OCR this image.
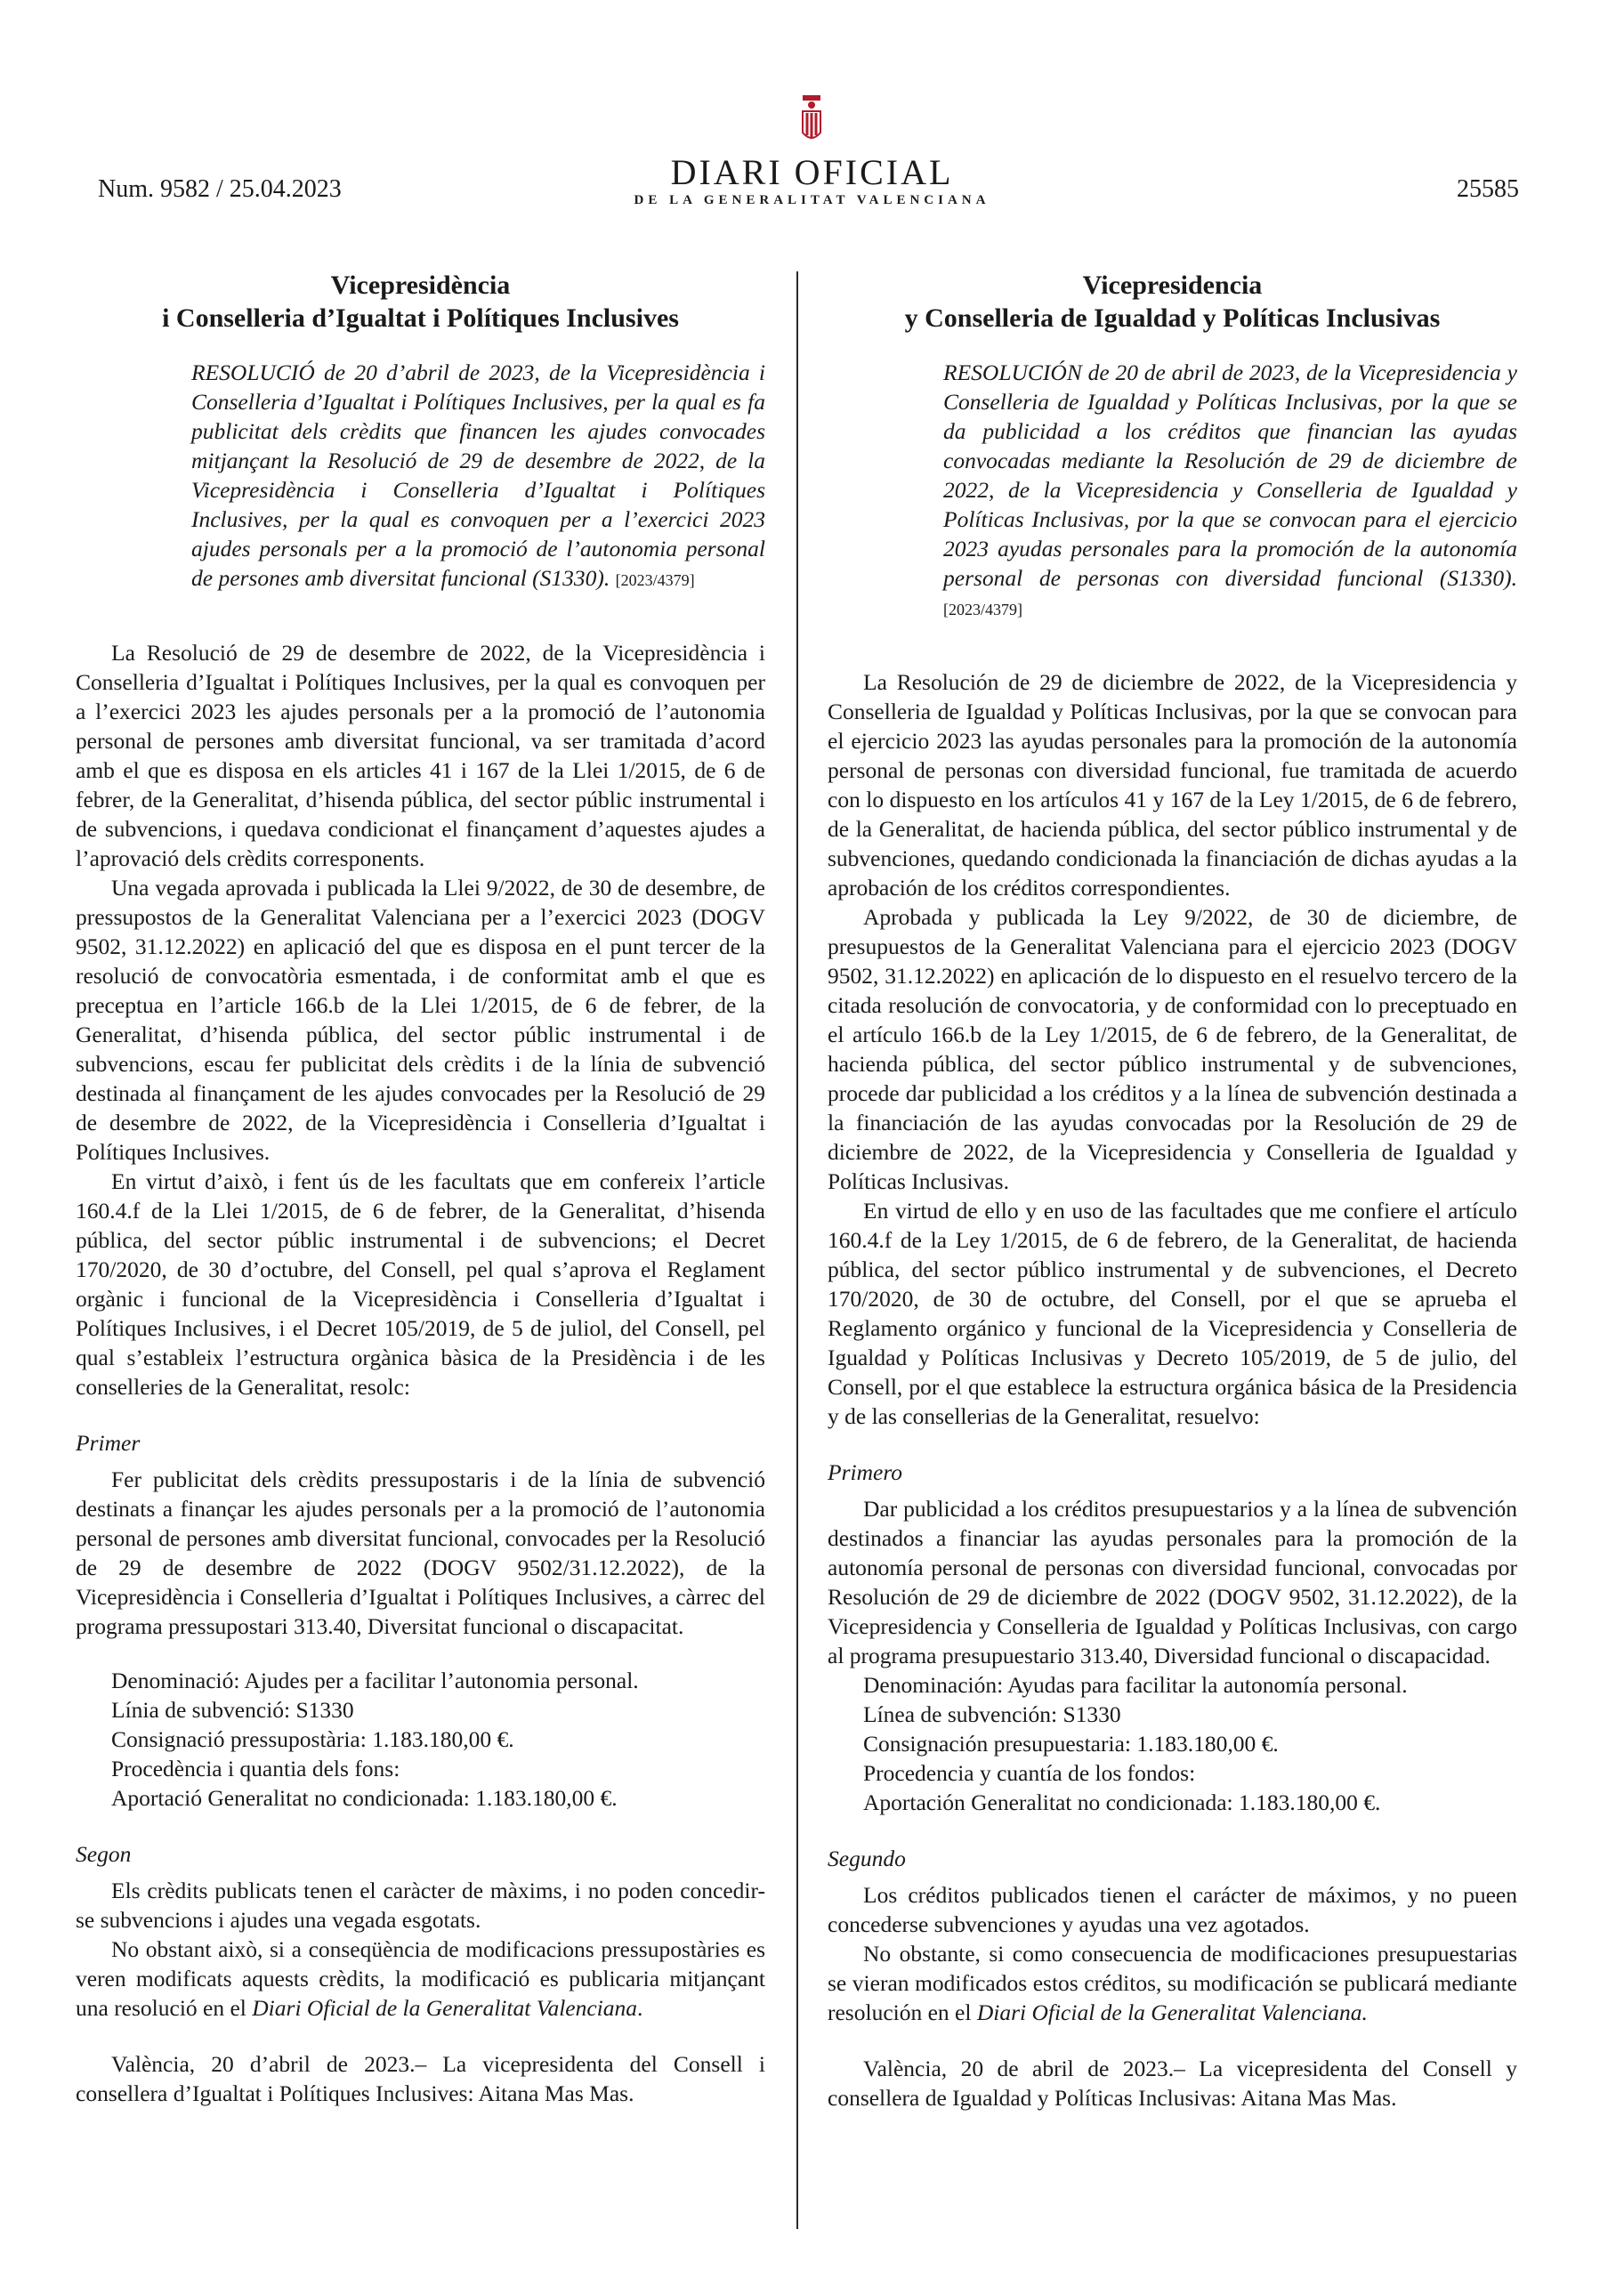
Num. 9582 / 25.04.2023	DIARI OFICIAL
DE LA GENERALITAT VALENCIANA	25585
Vicepresidència
i Conselleria d’Igualtat i Polítiques Inclusives
RESOLUCIÓ de 20 d’abril de 2023, de la Vicepresidència i Conselleria d’Igualtat i Polítiques Inclusives, per la qual es fa publicitat dels crèdits que financen les ajudes convocades mitjançant la Resolució de 29 de desembre de 2022, de la Vicepresidència i Conselleria d’Igualtat i Polítiques Inclusives, per la qual es convoquen per a l’exercici 2023 ajudes personals per a la promoció de l’autonomia personal de persones amb diversitat funcional (S1330). [2023/4379]

La Resolució de 29 de desembre de 2022, de la Vicepresidència i Conselleria d’Igualtat i Polítiques Inclusives, per la qual es convoquen per a l’exercici 2023 les ajudes personals per a la promoció de l’autonomia personal de persones amb diversitat funcional, va ser tramitada d’acord amb el que es disposa en els articles 41 i 167 de la Llei 1/2015, de 6 de febrer, de la Generalitat, d’hisenda pública, del sector públic instrumental i de subvencions, i quedava condicionat el finançament d’aquestes ajudes a l’aprovació dels crèdits corresponents.

Una vegada aprovada i publicada la Llei 9/2022, de 30 de desembre, de pressupostos de la Generalitat Valenciana per a l’exercici 2023 (DOGV 9502, 31.12.2022) en aplicació del que es disposa en el punt tercer de la resolució de convocatòria esmentada, i de conformitat amb el que es preceptua en l’article 166.b de la Llei 1/2015, de 6 de febrer, de la Generalitat, d’hisenda pública, del sector públic instrumental i de subvencions, escau fer publicitat dels crèdits i de la línia de subvenció destinada al finançament de les ajudes convocades per la Resolució de 29 de desembre de 2022, de la Vicepresidència i Conselleria d’Igualtat i Polítiques Inclusives.

En virtut d’això, i fent ús de les facultats que em confereix l’article 160.4.f de la Llei 1/2015, de 6 de febrer, de la Generalitat, d’hisenda pública, del sector públic instrumental i de subvencions; el Decret 170/2020, de 30 d’octubre, del Consell, pel qual s’aprova el Reglament orgànic i funcional de la Vicepresidència i Conselleria d’Igualtat i Polítiques Inclusives, i el Decret 105/2019, de 5 de juliol, del Consell, pel qual s’estableix l’estructura orgànica bàsica de la Presidència i de les conselleries de la Generalitat, resolc:

Primer

Fer publicitat dels crèdits pressupostaris i de la línia de subvenció destinats a finançar les ajudes personals per a la promoció de l’autonomia personal de persones amb diversitat funcional, convocades per la Resolució de 29 de desembre de 2022 (DOGV 9502/31.12.2022), de la Vicepresidència i Conselleria d’Igualtat i Polítiques Inclusives, a càrrec del programa pressupostari 313.40, Diversitat funcional o discapacitat.

Denominació: Ajudes per a facilitar l’autonomia personal.
Línia de subvenció: S1330
Consignació pressupostària: 1.183.180,00 €.
Procedència i quantia dels fons:
Aportació Generalitat no condicionada: 1.183.180,00 €.
Segon

Els crèdits publicats tenen el caràcter de màxims, i no poden concedir-se subvencions i ajudes una vegada esgotats.

No obstant això, si a conseqüència de modificacions pressupostàries es veren modificats aquests crèdits, la modificació es publicaria mitjançant una resolució en el Diari Oficial de la Generalitat Valenciana.

València, 20 d’abril de 2023.– La vicepresidenta del Consell i consellera d’Igualtat i Polítiques Inclusives: Aitana Mas Mas.

Vicepresidencia
y Conselleria de Igualdad y Políticas Inclusivas
RESOLUCIÓN de 20 de abril de 2023, de la Vicepresidencia y Conselleria de Igualdad y Políticas Inclusivas, por la que se da publicidad a los créditos que financian las ayudas convocadas mediante la Resolución de 29 de diciembre de 2022, de la Vicepresidencia y Conselleria de Igualdad y Políticas Inclusivas, por la que se convocan para el ejercicio 2023 ayudas personales para la promoción de la autonomía personal de personas con diversidad funcional (S1330). [2023/4379]

La Resolución de 29 de diciembre de 2022, de la Vicepresidencia y Conselleria de Igualdad y Políticas Inclusivas, por la que se convocan para el ejercicio 2023 las ayudas personales para la promoción de la autonomía personal de personas con diversidad funcional, fue tramitada de acuerdo con lo dispuesto en los artículos 41 y 167 de la Ley 1/2015, de 6 de febrero, de la Generalitat, de hacienda pública, del sector público instrumental y de subvenciones, quedando condicionada la financiación de dichas ayudas a la aprobación de los créditos correspondientes.

Aprobada y publicada la Ley 9/2022, de 30 de diciembre, de presupuestos de la Generalitat Valenciana para el ejercicio 2023 (DOGV 9502, 31.12.2022) en aplicación de lo dispuesto en el resuelvo tercero de la citada resolución de convocatoria, y de conformidad con lo preceptuado en el artículo 166.b de la Ley 1/2015, de 6 de febrero, de la Generalitat, de hacienda pública, del sector público instrumental y de subvenciones, procede dar publicidad a los créditos y a la línea de subvención destinada a la financiación de las ayudas convocadas por la Resolución de 29 de diciembre de 2022, de la Vicepresidencia y Conselleria de Igualdad y Políticas Inclusivas.

En virtud de ello y en uso de las facultades que me confiere el artículo 160.4.f de la Ley 1/2015, de 6 de febrero, de la Generalitat, de hacienda pública, del sector público instrumental y de subvenciones, el Decreto 170/2020, de 30 de octubre, del Consell, por el que se aprueba el Reglamento orgánico y funcional de la Vicepresidencia y Conselleria de Igualdad y Políticas Inclusivas y Decreto 105/2019, de 5 de julio, del Consell, por el que establece la estructura orgánica básica de la Presidencia y de las consellerias de la Generalitat, resuelvo:

Primero

Dar publicidad a los créditos presupuestarios y a la línea de subvención destinados a financiar las ayudas personales para la promoción de la autonomía personal de personas con diversidad funcional, convocadas por Resolución de 29 de diciembre de 2022 (DOGV 9502, 31.12.2022), de la Vicepresidencia y Conselleria de Igualdad y Políticas Inclusivas, con cargo al programa presupuestario 313.40, Diversidad funcional o discapacidad.

Denominación: Ayudas para facilitar la autonomía personal.
Línea de subvención: S1330
Consignación presupuestaria: 1.183.180,00 €.
Procedencia y cuantía de los fondos:
Aportación Generalitat no condicionada: 1.183.180,00 €.
Segundo

Los créditos publicados tienen el carácter de máximos, y no pueen concederse subvenciones y ayudas una vez agotados.

No obstante, si como consecuencia de modificaciones presupuestarias se vieran modificados estos créditos, su modificación se publicará mediante resolución en el Diari Oficial de la Generalitat Valenciana.

València, 20 de abril de 2023.– La vicepresidenta del Consell y consellera de Igualdad y Políticas Inclusivas: Aitana Mas Mas.
